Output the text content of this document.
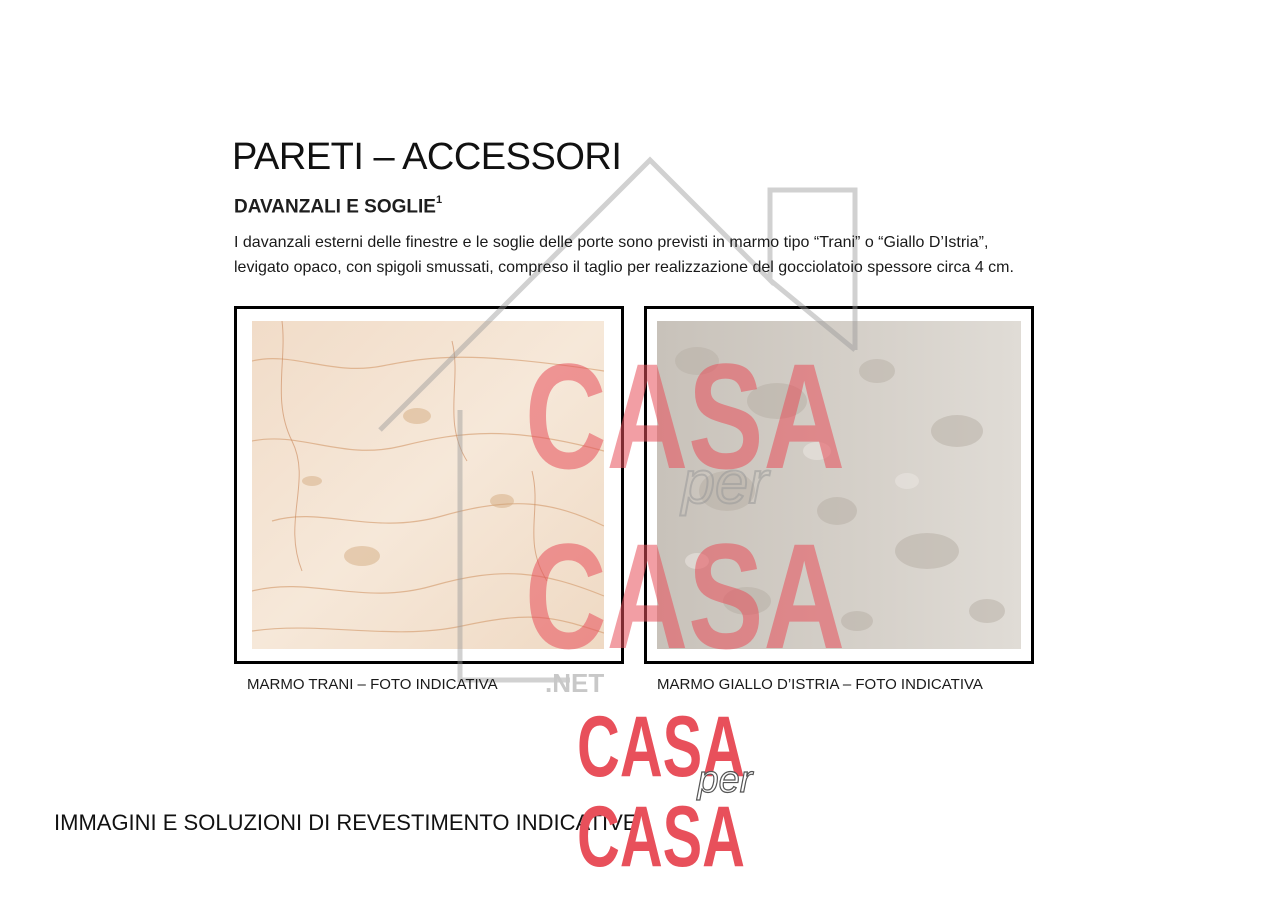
PARETI – ACCESSORI
DAVANZALI E SOGLIE$^1$

I davanzali esterni delle finestre e le soglie delle porte sono previsti in marmo tipo “Trani” o “Giallo D’Istria”, levigato opaco, con spigoli smussati, compreso il taglio per realizzazione del gocciolatoio spessore circa 4 cm.

CASA
per
CASA
.NET
MARMO TRANI – FOTO INDICATIVA	MARMO GIALLO D’ISTRIA – FOTO INDICATIVA
IMMAGINI E SOLUZIONI DI REVESTIMENTO INDICATIVE
CASA
per
CASA
